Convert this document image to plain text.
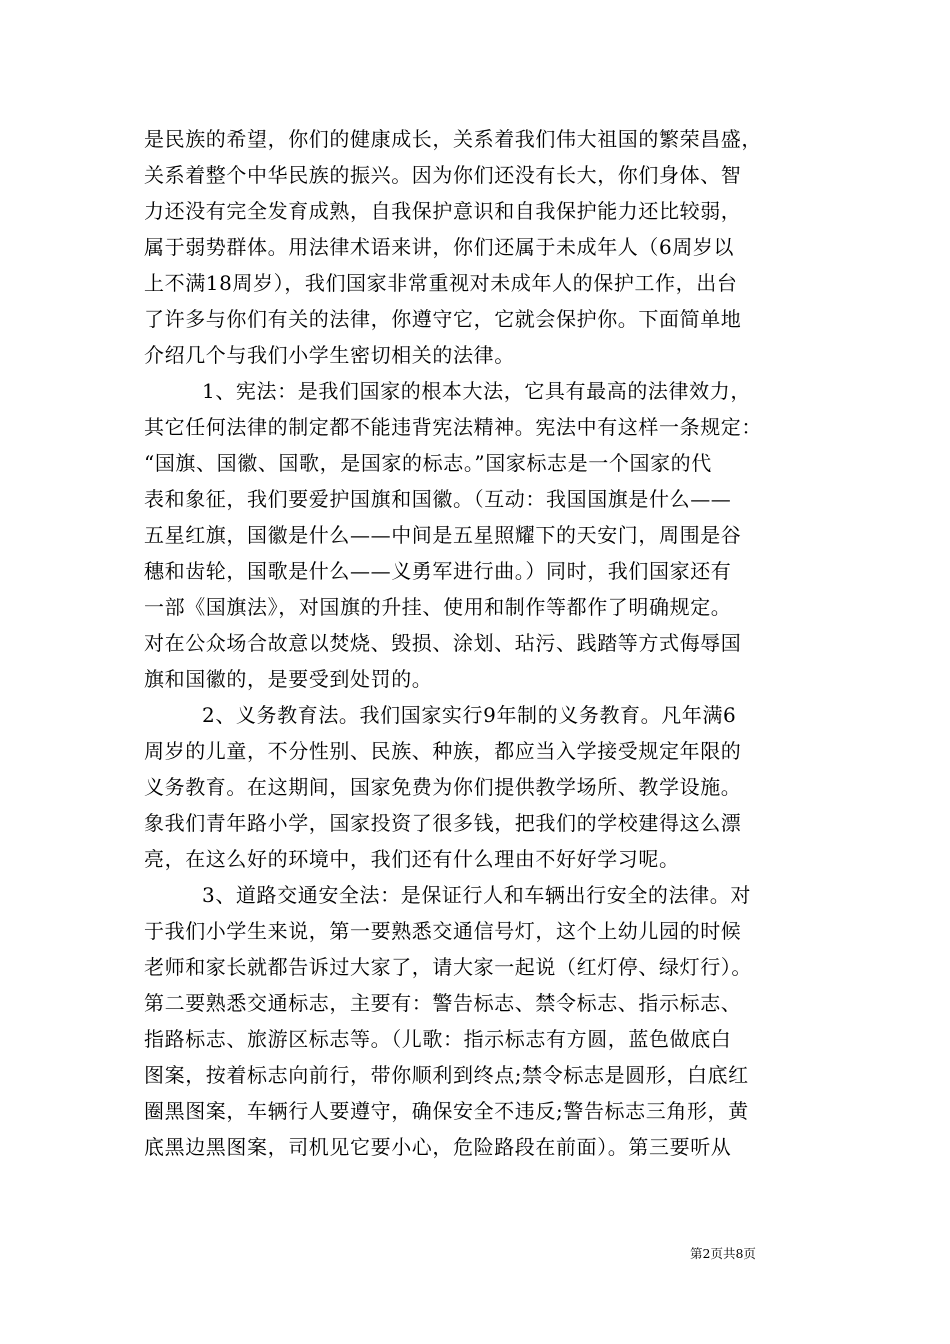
是民族的希望，你们的健康成长，关系着我们伟大祖国的繁荣昌盛，
关系着整个中华民族的振兴。因为你们还没有长大，你们身体、智
力还没有完全发育成熟，自我保护意识和自我保护能力还比较弱，
属于弱势群体。用法律术语来讲，你们还属于未成年人（6周岁以
上不满18周岁），我们国家非常重视对未成年人的保护工作，出台
了许多与你们有关的法律，你遵守它，它就会保护你。下面简单地
介绍几个与我们小学生密切相关的法律。
1、宪法：是我们国家的根本大法，它具有最高的法律效力，
其它任何法律的制定都不能违背宪法精神。宪法中有这样一条规定：
“国旗、国徽、国歌，是国家的标志。”国家标志是一个国家的代
表和象征，我们要爱护国旗和国徽。（互动：我国国旗是什么——
五星红旗，国徽是什么——中间是五星照耀下的天安门，周围是谷
穗和齿轮，国歌是什么——义勇军进行曲。）同时，我们国家还有
一部《国旗法》，对国旗的升挂、使用和制作等都作了明确规定。
对在公众场合故意以焚烧、毁损、涂划、玷污、践踏等方式侮辱国
旗和国徽的，是要受到处罚的。
2、义务教育法。我们国家实行9年制的义务教育。凡年满6
周岁的儿童，不分性别、民族、种族，都应当入学接受规定年限的
义务教育。在这期间，国家免费为你们提供教学场所、教学设施。
象我们青年路小学，国家投资了很多钱，把我们的学校建得这么漂
亮，在这么好的环境中，我们还有什么理由不好好学习呢。
3、道路交通安全法：是保证行人和车辆出行安全的法律。对
于我们小学生来说，第一要熟悉交通信号灯，这个上幼儿园的时候
老师和家长就都告诉过大家了，请大家一起说（红灯停、绿灯行）。
第二要熟悉交通标志，主要有：警告标志、禁令标志、指示标志、
指路标志、旅游区标志等。（儿歌：指示标志有方圆，蓝色做底白
图案，按着标志向前行，带你顺利到终点;禁令标志是圆形，白底红
圈黑图案，车辆行人要遵守，确保安全不违反;警告标志三角形，黄
底黑边黑图案，司机见它要小心，危险路段在前面）。第三要听从
第2页共8页
